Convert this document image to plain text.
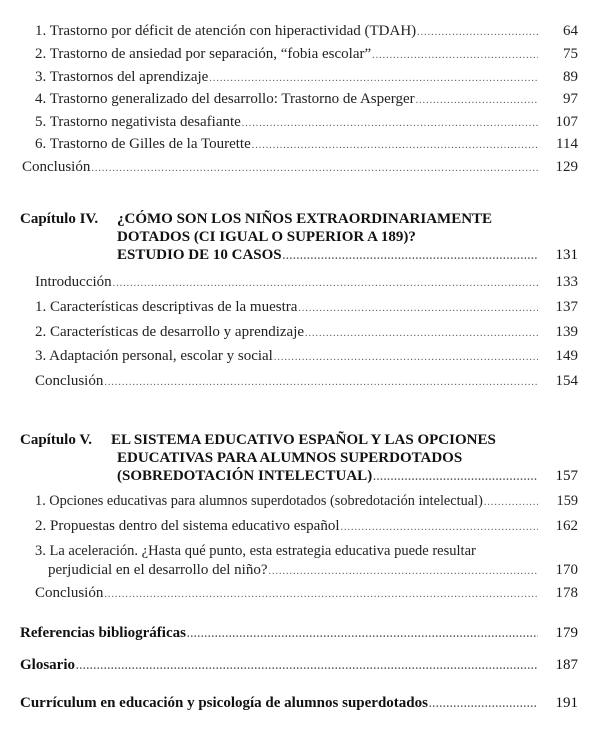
1. Trastorno por déficit de atención con hiperactividad (TDAH) .....	64
2. Trastorno de ansiedad por separación, “fobia escolar” .....	75
3. Trastornos del aprendizaje .....	89
4. Trastorno generalizado del desarrollo: Trastorno de Asperger .....	97
5. Trastorno negativista desafiante .....	107
6. Trastorno de Gilles de la Tourette .....	114
Conclusión .....	129
Capítulo IV. ¿CÓMO SON LOS NIÑOS EXTRAORDINARIAMENTE
DOTADOS (CI IGUAL O SUPERIOR A 189)?
ESTUDIO DE 10 CASOS .....	131
Introducción .....	133
1. Características descriptivas de la muestra .....	137
2. Características de desarrollo y aprendizaje .....	139
3. Adaptación personal, escolar y social .....	149
Conclusión .....	154
Capítulo V. EL SISTEMA EDUCATIVO ESPAÑOL Y LAS OPCIONES
EDUCATIVAS PARA ALUMNOS SUPERDOTADOS
(SOBREDOTACIÓN INTELECTUAL) .....	157
1. Opciones educativas para alumnos superdotados (sobredotación intelectual) .....	159
2. Propuestas dentro del sistema educativo español .....	162
3. La aceleración. ¿Hasta qué punto, esta estrategia educativa puede resultar
perjudicial en el desarrollo del niño? .....	170
Conclusión .....	178
Referencias bibliográficas .....	179
Glosario .....	187
Currículum en educación y psicología de alumnos superdotados .....	191
